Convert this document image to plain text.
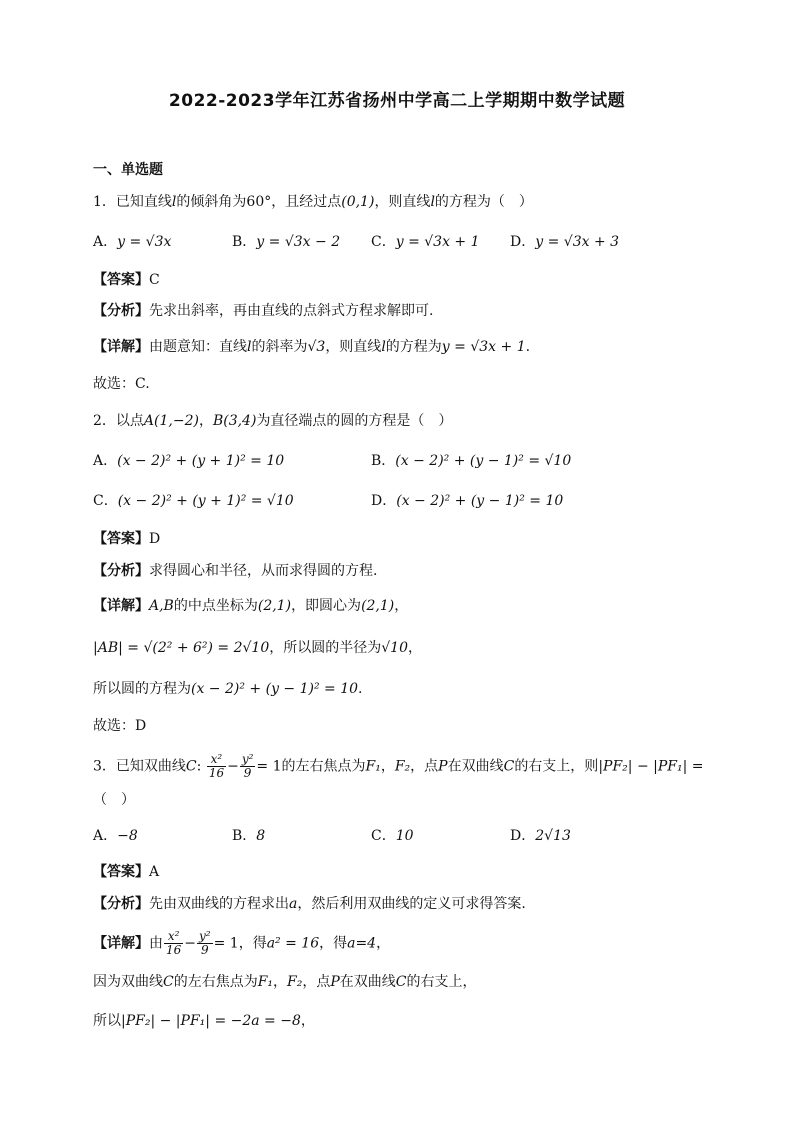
2022-2023学年江苏省扬州中学高二上学期期中数学试题
一、单选题
1．已知直线l的倾斜角为60°，且经过点(0,1)，则直线l的方程为（　）
A．y = √3x	B．y = √3x − 2 C．y = √3x + 1 D．y = √3x + 3
【答案】C
【分析】先求出斜率，再由直线的点斜式方程求解即可.
【详解】由题意知：直线l的斜率为√3，则直线l的方程为y = √3x + 1.
故选：C.
2．以点A(1,−2)，B(3,4)为直径端点的圆的方程是（　）
A．(x − 2)² + (y + 1)² = 10	B．(x − 2)² + (y − 1)² = √10
C．(x − 2)² + (y + 1)² = √10	D．(x − 2)² + (y − 1)² = 10
【答案】D
【分析】求得圆心和半径，从而求得圆的方程.
【详解】A,B的中点坐标为(2,1)，即圆心为(2,1)，
|AB| = √(2² + 6²) = 2√10，所以圆的半径为√10，
所以圆的方程为(x − 2)² + (y − 1)² = 10.
故选：D
3．已知双曲线C: $\frac{\text{x²}}{16} - \frac{\text{y²}}{9} = 1$的左右焦点为F₁，F₂，点P在双曲线C的右支上，则|PF₂| − |PF₁| =
（　）
A．−8	B．8	C．10	D．2√13
【答案】A
【分析】先由双曲线的方程求出a，然后利用双曲线的定义可求得答案.
【详解】由 $\frac{\text{x²}}{16} - \frac{\text{y²}}{9} = 1$，得a² = 16，得a=4，
因为双曲线C的左右焦点为F₁，F₂，点P在双曲线C的右支上，
所以|PF₂| − |PF₁| = −2a = −8，
